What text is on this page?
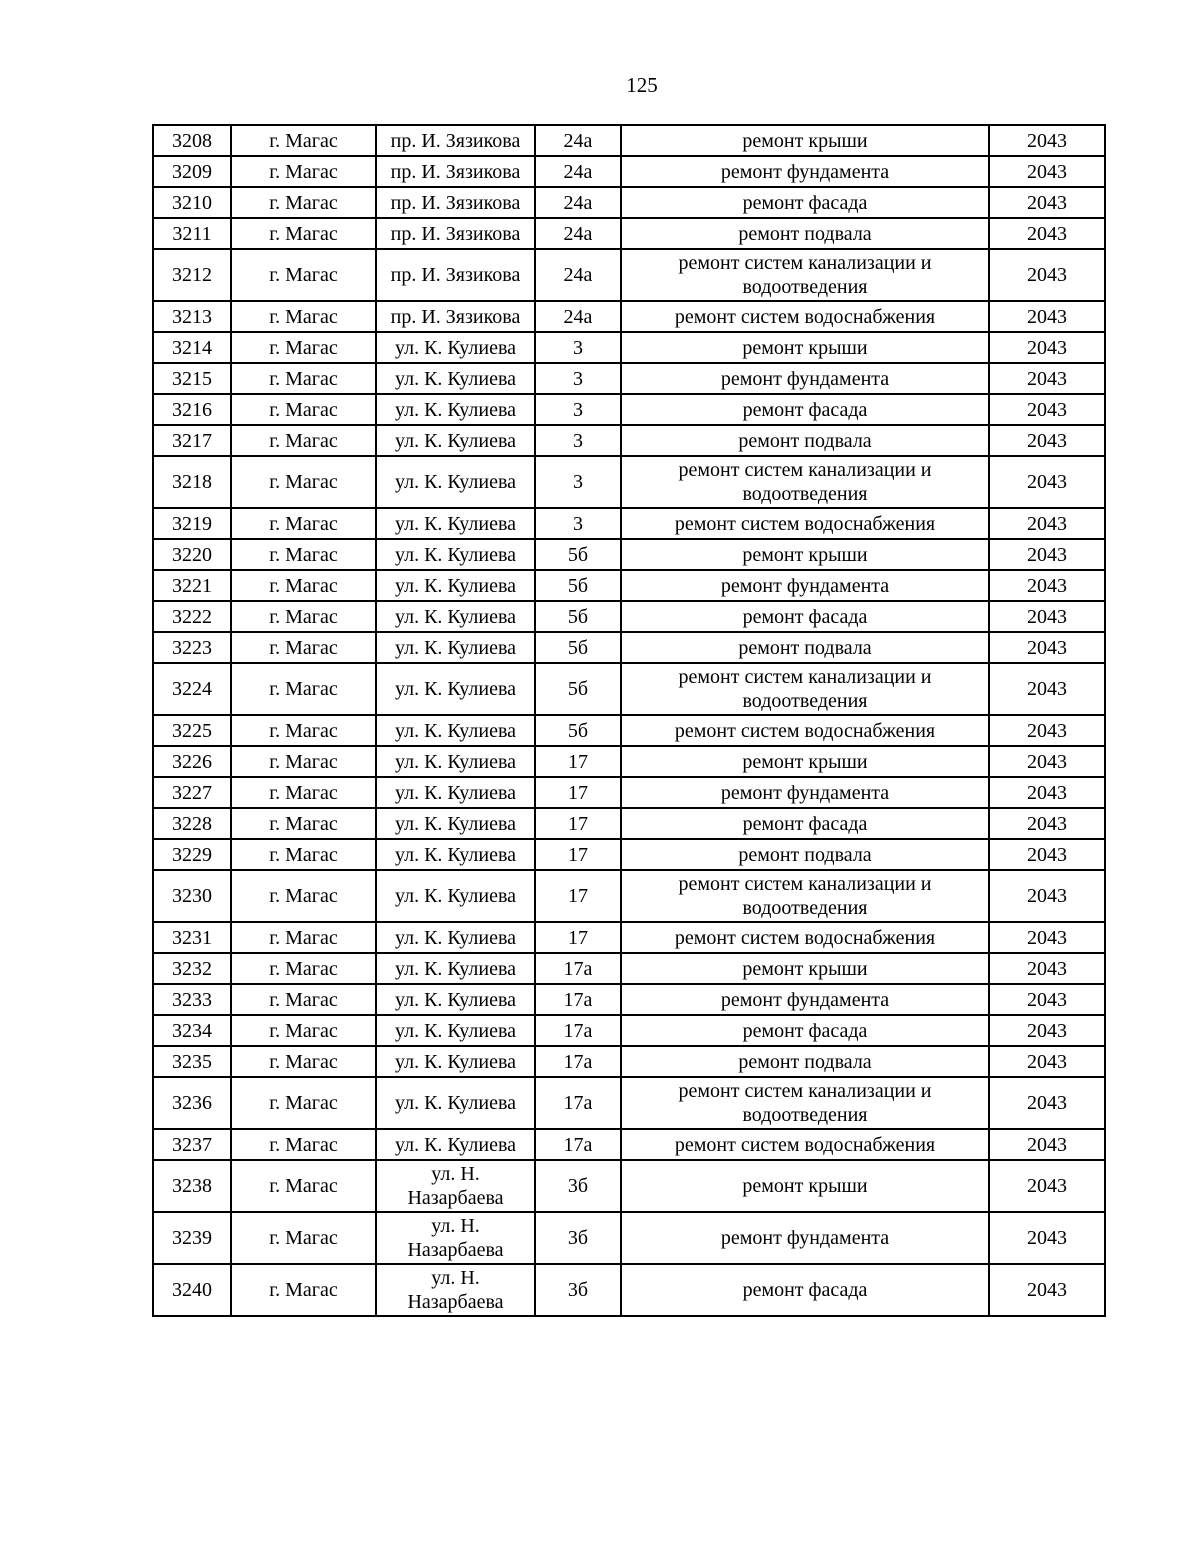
125
3208	г. Магас	пр. И. Зязикова	24а	ремонт крыши	2043
3209	г. Магас	пр. И. Зязикова	24а	ремонт фундамента	2043
3210	г. Магас	пр. И. Зязикова	24а	ремонт фасада	2043
3211	г. Магас	пр. И. Зязикова	24а	ремонт подвала	2043
3212	г. Магас	пр. И. Зязикова	24а	ремонт систем канализации и водоотведения	2043
3213	г. Магас	пр. И. Зязикова	24а	ремонт систем водоснабжения	2043
3214	г. Магас	ул. К. Кулиева	3	ремонт крыши	2043
3215	г. Магас	ул. К. Кулиева	3	ремонт фундамента	2043
3216	г. Магас	ул. К. Кулиева	3	ремонт фасада	2043
3217	г. Магас	ул. К. Кулиева	3	ремонт подвала	2043
3218	г. Магас	ул. К. Кулиева	3	ремонт систем канализации и водоотведения	2043
3219	г. Магас	ул. К. Кулиева	3	ремонт систем водоснабжения	2043
3220	г. Магас	ул. К. Кулиева	5б	ремонт крыши	2043
3221	г. Магас	ул. К. Кулиева	5б	ремонт фундамента	2043
3222	г. Магас	ул. К. Кулиева	5б	ремонт фасада	2043
3223	г. Магас	ул. К. Кулиева	5б	ремонт подвала	2043
3224	г. Магас	ул. К. Кулиева	5б	ремонт систем канализации и водоотведения	2043
3225	г. Магас	ул. К. Кулиева	5б	ремонт систем водоснабжения	2043
3226	г. Магас	ул. К. Кулиева	17	ремонт крыши	2043
3227	г. Магас	ул. К. Кулиева	17	ремонт фундамента	2043
3228	г. Магас	ул. К. Кулиева	17	ремонт фасада	2043
3229	г. Магас	ул. К. Кулиева	17	ремонт подвала	2043
3230	г. Магас	ул. К. Кулиева	17	ремонт систем канализации и водоотведения	2043
3231	г. Магас	ул. К. Кулиева	17	ремонт систем водоснабжения	2043
3232	г. Магас	ул. К. Кулиева	17а	ремонт крыши	2043
3233	г. Магас	ул. К. Кулиева	17а	ремонт фундамента	2043
3234	г. Магас	ул. К. Кулиева	17а	ремонт фасада	2043
3235	г. Магас	ул. К. Кулиева	17а	ремонт подвала	2043
3236	г. Магас	ул. К. Кулиева	17а	ремонт систем канализации и водоотведения	2043
3237	г. Магас	ул. К. Кулиева	17а	ремонт систем водоснабжения	2043
3238	г. Магас	ул. Н. Назарбаева	3б	ремонт крыши	2043
3239	г. Магас	ул. Н. Назарбаева	3б	ремонт фундамента	2043
3240	г. Магас	ул. Н. Назарбаева	3б	ремонт фасада	2043
